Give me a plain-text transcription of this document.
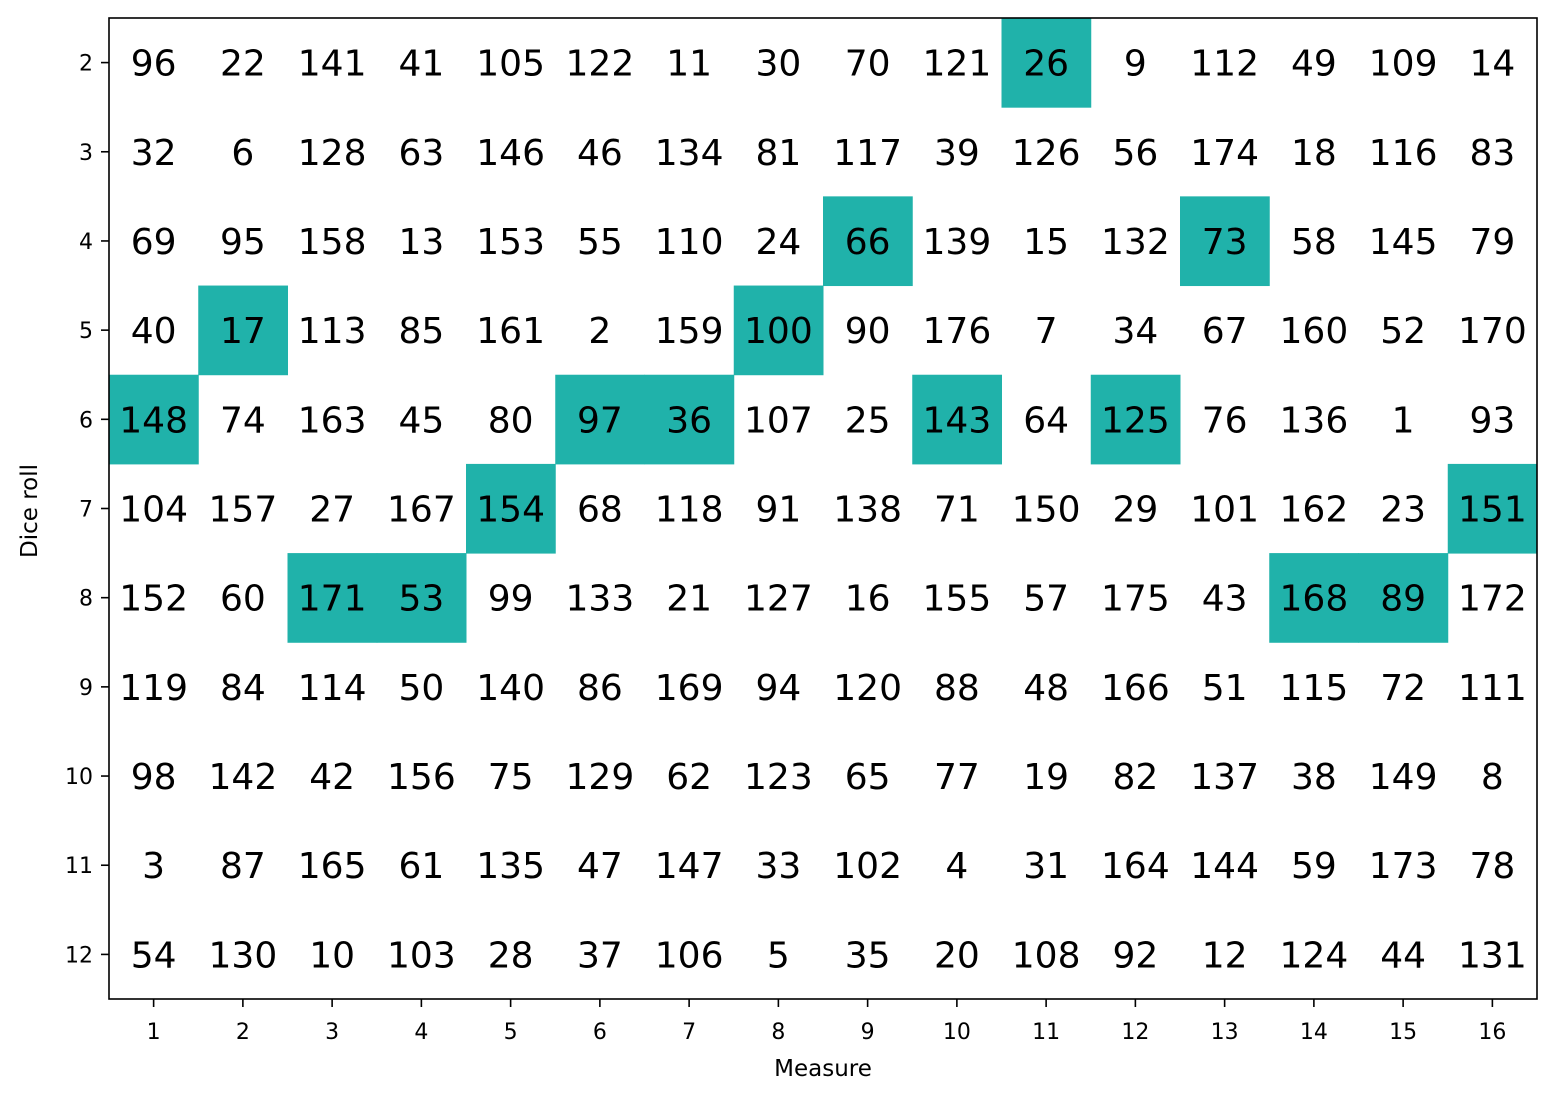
96 22 141 41 105 122 11 30 70 121 26 9 112 49 109 14
32 6 128 63 146 46 134 81 117 39 126 56 174 18 116 83
69 95 158 13 153 55 110 24 66 139 15 132 73 58 145 79
40 17 113 85 161 2 159 100 90 176 7 34 67 160 52 170
148 74 163 45 80 97 36 107 25 143 64 125 76 136 1 93
104 157 27 167 154 68 118 91 138 71 150 29 101 162 23 151
152 60 171 53 99 133 21 127 16 155 57 175 43 168 89 172
119 84 114 50 140 86 169 94 120 88 48 166 51 115 72 111
98 142 42 156 75 129 62 123 65 77 19 82 137 38 149 8
3 87 165 61 135 47 147 33 102 4 31 164 144 59 173 78
54 130 10 103 28 37 106 5 35 20 108 92 12 124 44 131
1	2	3	4	5	6	7	8	9	10	11	12	13	14	15	16
2
3
4
5
6
7
8
9
10
11
12
Measure
Dice roll
